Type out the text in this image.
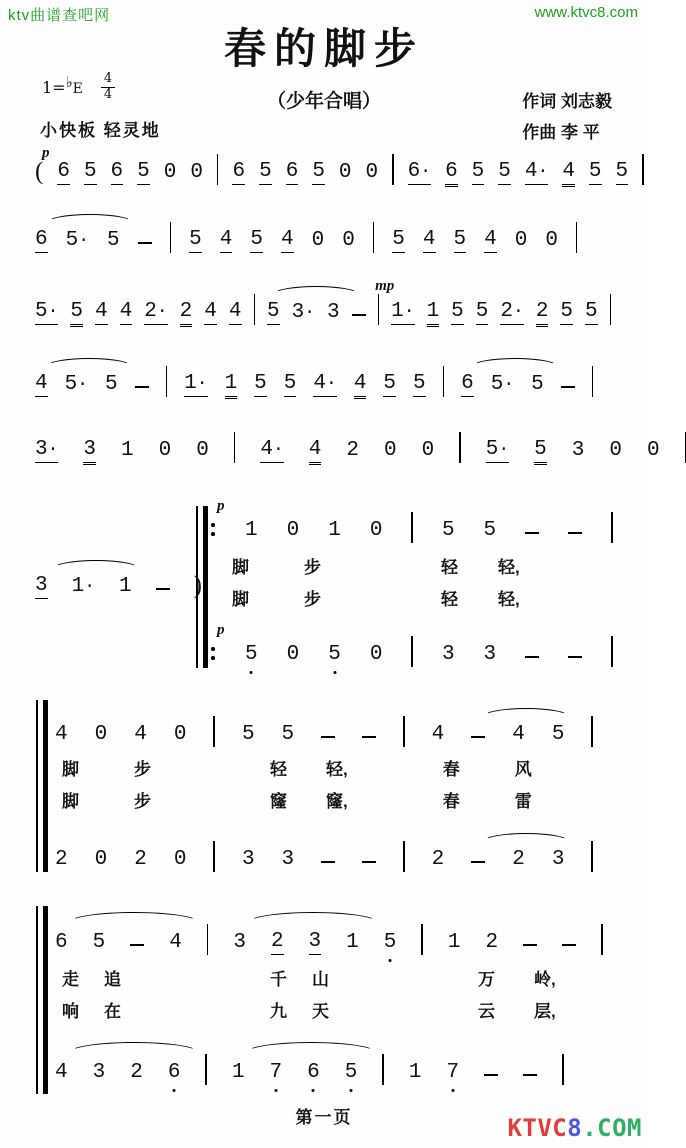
ktv曲谱查吧网	www.ktvc8.com
春的脚步
1= ♭ E $\frac{4}{4}$	（少年合唱）	作词 刘志毅
作曲 李 平
小快板 轻灵地
(
p
6 5 6 5 0 0 6 5 6 5 0 0 6· 6 5 5 4· 4 5 5
6 5· 5	5 4 5 4 0 0 5 4 5 4 0 0
5· 5 4 4 2· 2 4 4 5 3· 3
mp
1· 1 5 5 2· 2 5 5
4 5· 5	1· 1 5 5 4· 4 5 5 6 5· 5
3· 3 1 0 0 4· 4 2 0 0 5· 5 3 0 0
3 1· 1 )
p
1 0 1 0	5 5
脚	步	轻 轻,
脚	步	轻 轻,
p
5 0 5 0	3 3
4 0 4 0	5 5	4	4 5
脚	步	轻 轻,	春	风
脚	步	窿 窿,	春	雷
2 0 2 0	3 3	2	2 3
6 5	4 3 2 3 1 5 1 2
走 追	千 山	万 岭,
响 在	九 天	云 层,
4 3 2 6 1 7 6 5 1 7
第一页	KTVC8.COM
